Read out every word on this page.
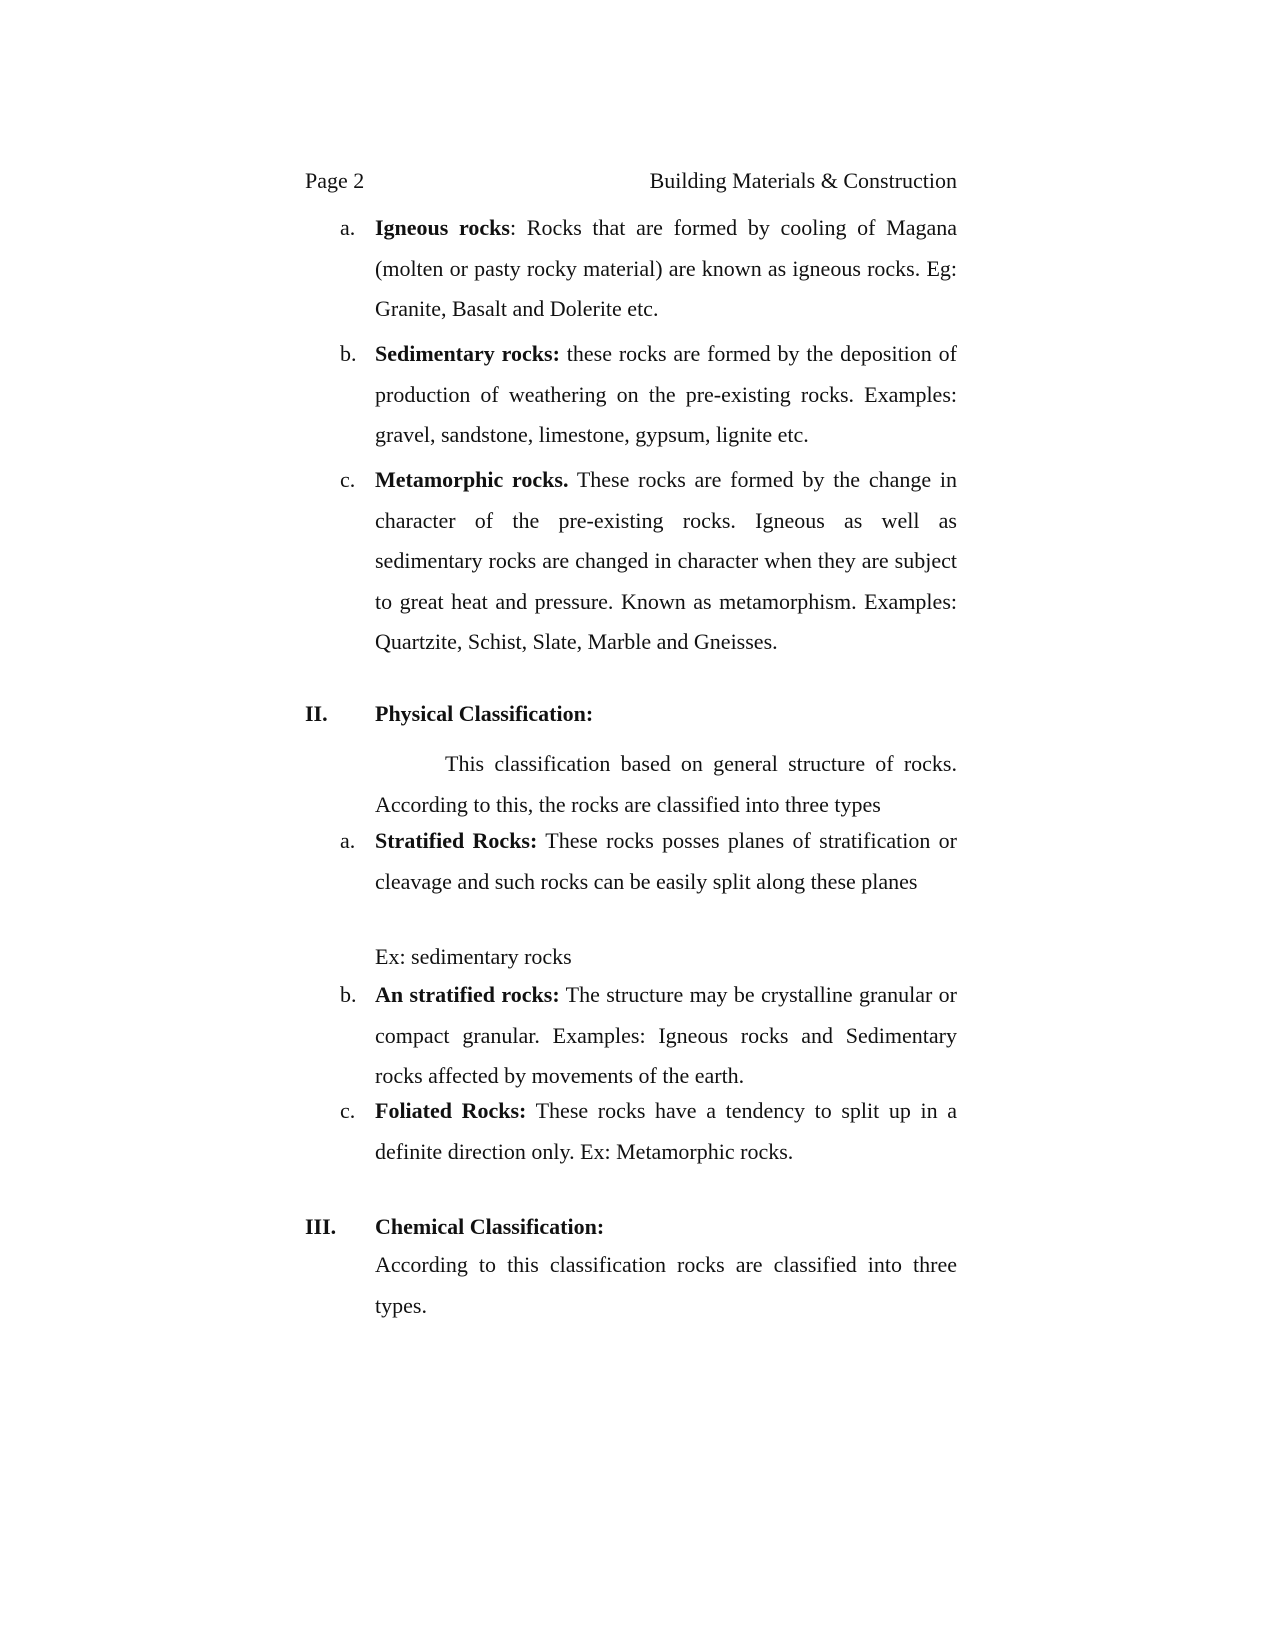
Page 2	Building Materials & Construction
a. Igneous rocks: Rocks that are formed by cooling of Magana (molten or pasty rocky material) are known as igneous rocks. Eg: Granite, Basalt and Dolerite etc.
b. Sedimentary rocks: these rocks are formed by the deposition of production of weathering on the pre-existing rocks. Examples: gravel, sandstone, limestone, gypsum, lignite etc.
c. Metamorphic rocks. These rocks are formed by the change in character of the pre-existing rocks. Igneous as well as sedimentary rocks are changed in character when they are subject to great heat and pressure. Known as metamorphism. Examples: Quartzite, Schist, Slate, Marble and Gneisses.
II. Physical Classification:
This classification based on general structure of rocks. According to this, the rocks are classified into three types
a. Stratified Rocks: These rocks posses planes of stratification or cleavage and such rocks can be easily split along these planes
Ex: sedimentary rocks
b. An stratified rocks: The structure may be crystalline granular or compact granular. Examples: Igneous rocks and Sedimentary rocks affected by movements of the earth.
c. Foliated Rocks: These rocks have a tendency to split up in a definite direction only. Ex: Metamorphic rocks.
III. Chemical Classification:
According to this classification rocks are classified into three types.
